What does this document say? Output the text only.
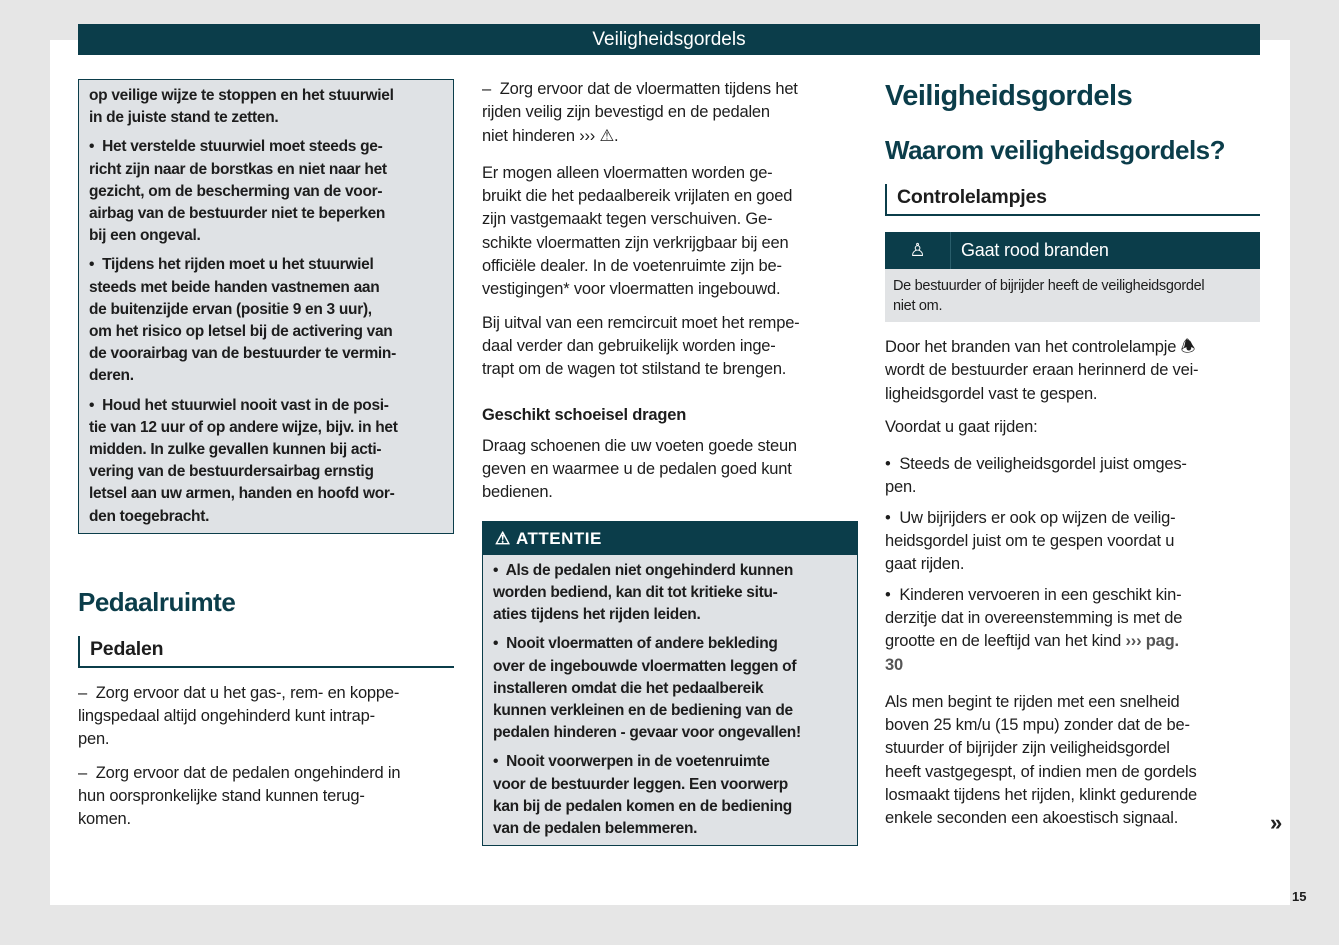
Veiligheidsgordels

op veilige wijze te stoppen en het stuurwiel
in de juiste stand te zetten.

•  Het verstelde stuurwiel moet steeds ge-
richt zijn naar de borstkas en niet naar het
gezicht, om de bescherming van de voor-
airbag van de bestuurder niet te beperken
bij een ongeval.

•  Tijdens het rijden moet u het stuurwiel
steeds met beide handen vastnemen aan
de buitenzijde ervan (positie 9 en 3 uur),
om het risico op letsel bij de activering van
de voorairbag van de bestuurder te vermin-
deren.

•  Houd het stuurwiel nooit vast in de posi-
tie van 12 uur of op andere wijze, bijv. in het
midden. In zulke gevallen kunnen bij acti-
vering van de bestuurdersairbag ernstig
letsel aan uw armen, handen en hoofd wor-
den toegebracht.

Pedaalruimte
Pedalen

–  Zorg ervoor dat u het gas-, rem- en koppe-
lingspedaal altijd ongehinderd kunt intrap-
pen.

–  Zorg ervoor dat de pedalen ongehinderd in
hun oorspronkelijke stand kunnen terug-
komen.

–  Zorg ervoor dat de vloermatten tijdens het
rijden veilig zijn bevestigd en de pedalen
niet hinderen ››› ⚠.

Er mogen alleen vloermatten worden ge-
bruikt die het pedaalbereik vrijlaten en goed
zijn vastgemaakt tegen verschuiven. Ge-
schikte vloermatten zijn verkrijgbaar bij een
officiële dealer. In de voetenruimte zijn be-
vestigingen* voor vloermatten ingebouwd.

Bij uitval van een remcircuit moet het rempe-
daal verder dan gebruikelijk worden inge-
trapt om de wagen tot stilstand te brengen.

Geschikt schoeisel dragen

Draag schoenen die uw voeten goede steun
geven en waarmee u de pedalen goed kunt
bedienen.

⚠ ATTENTIE

•  Als de pedalen niet ongehinderd kunnen
worden bediend, kan dit tot kritieke situ-
aties tijdens het rijden leiden.

•  Nooit vloermatten of andere bekleding
over de ingebouwde vloermatten leggen of
installeren omdat die het pedaalbereik
kunnen verkleinen en de bediening van de
pedalen hinderen - gevaar voor ongevallen!

•  Nooit voorwerpen in de voetenruimte
voor de bestuurder leggen. Een voorwerp
kan bij de pedalen komen en de bediening
van de pedalen belemmeren.

Veiligheidsgordels
Waarom veiligheidsgordels?
Controlelampjes
♙	Gaat rood branden
De bestuurder of bijrijder heeft de veiligheidsgordel
niet om.

Door het branden van het controlelampje 🕭
wordt de bestuurder eraan herinnerd de vei-
ligheidsgordel vast te gespen.

Voordat u gaat rijden:

•  Steeds de veiligheidsgordel juist omges-
pen.

•  Uw bijrijders er ook op wijzen de veilig-
heidsgordel juist om te gespen voordat u
gaat rijden.

•  Kinderen vervoeren in een geschikt kin-
derzitje dat in overeenstemming is met de
grootte en de leeftijd van het kind ››› pag.
30

Als men begint te rijden met een snelheid
boven 25 km/u (15 mpu) zonder dat de be-
stuurder of bijrijder zijn veiligheidsgordel
heeft vastgegespt, of indien men de gordels
losmaakt tijdens het rijden, klinkt gedurende
enkele seconden een akoestisch signaal.	»
15
